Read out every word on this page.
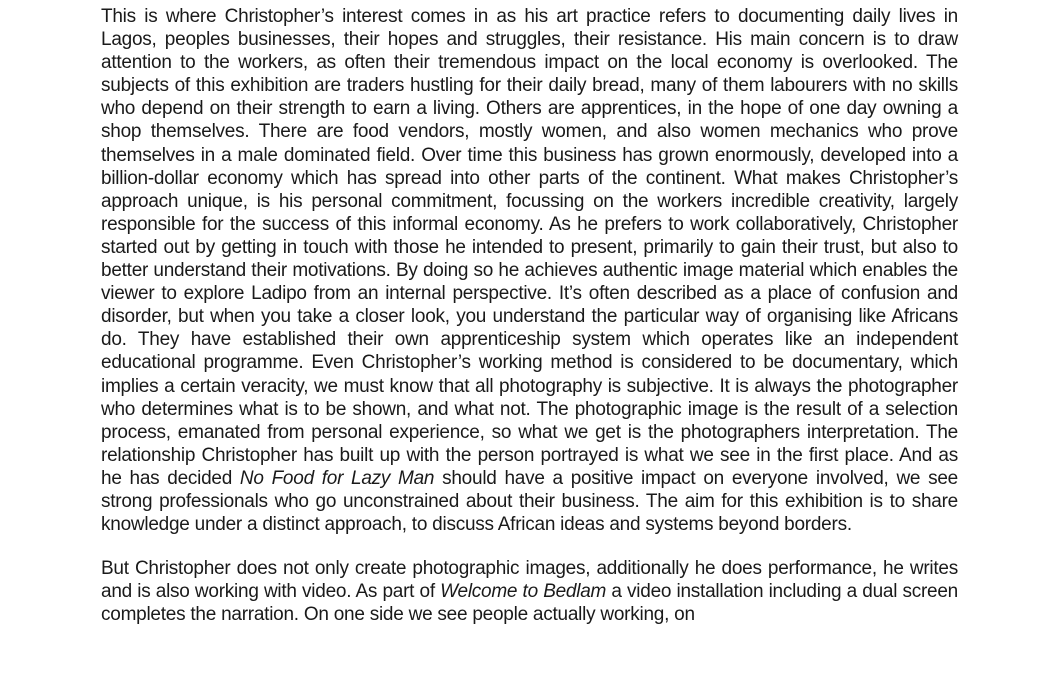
This is where Christopher’s interest comes in as his art practice refers to documenting daily lives in Lagos, peoples businesses, their hopes and struggles, their resistance. His main concern is to draw attention to the workers, as often their tremendous impact on the local economy is overlooked. The subjects of this exhibition are traders hustling for their daily bread, many of them labourers with no skills who depend on their strength to earn a living. Others are apprentices, in the hope of one day owning a shop themselves. There are food vendors, mostly women, and also women mechanics who prove themselves in a male dominated field. Over time this business has grown enormously, developed into a billion-dollar economy which has spread into other parts of the continent. What makes Christopher’s approach unique, is his personal commitment, focussing on the workers incredible creativity, largely responsible for the success of this informal economy. As he prefers to work collaboratively, Christopher started out by getting in touch with those he intended to present, primarily to gain their trust, but also to better understand their motivations. By doing so he achieves authentic image material which enables the viewer to explore Ladipo from an internal perspective. It’s often described as a place of confusion and disorder, but when you take a closer look, you understand the particular way of organising like Africans do. They have established their own apprenticeship system which operates like an independent educational programme. Even Christopher’s working method is considered to be documentary, which implies a certain veracity, we must know that all photography is subjective. It is always the photographer who determines what is to be shown, and what not. The photographic image is the result of a selection process, emanated from personal experience, so what we get is the photographers interpretation. The relationship Christopher has built up with the person portrayed is what we see in the first place. And as he has decided No Food for Lazy Man should have a positive impact on everyone involved, we see strong professionals who go unconstrained about their business. The aim for this exhibition is to share knowledge under a distinct approach, to discuss African ideas and systems beyond borders.

But Christopher does not only create photographic images, additionally he does performance, he writes and is also working with video. As part of Welcome to Bedlam a video installation including a dual screen completes the narration. On one side we see people actually working, on
